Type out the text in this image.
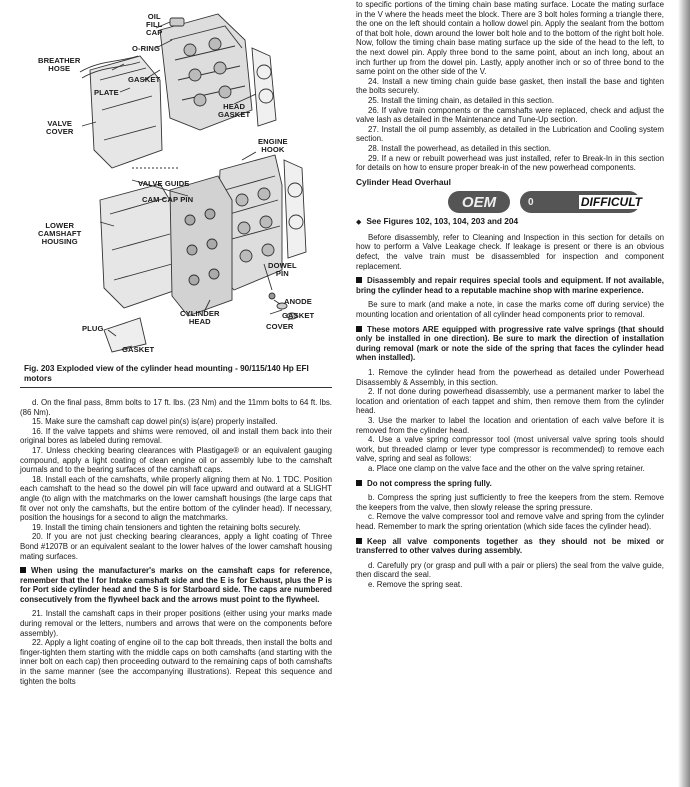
OIL
FILL
CAP
O-RING
BREATHER
HOSE
GASKET
PLATE
HEAD
GASKET
VALVE
COVER
ENGINE
HOOK
VALVE GUIDE
CAM CAP PIN
LOWER
CAMSHAFT
HOUSING
DOWEL
PIN
ANODE
GASKET
CYLINDER
HEAD
COVER
PLUG
GASKET
Fig. 203 Exploded view of the cylinder head mounting - 90/115/140 Hp EFI motors

d. On the final pass, 8mm bolts to 17 ft. lbs. (23 Nm) and the 11mm bolts to 64 ft. lbs. (86 Nm).

15. Make sure the camshaft cap dowel pin(s) is(are) properly installed.

16. If the valve tappets and shims were removed, oil and install them back into their original bores as labeled during removal.

17. Unless checking bearing clearances with Plastigage® or an equivalent gauging compound, apply a light coating of clean engine oil or assembly lube to the camshaft journals and to the bearing surfaces of the camshaft caps.

18. Install each of the camshafts, while properly aligning them at No. 1 TDC. Position each camshaft to the head so the dowel pin will face upward and outward at a SLIGHT angle (to align with the matchmarks on the lower camshaft housings (the large caps that fit over not only the camshafts, but the entire bottom of the cylinder head). If necessary, position the housings for a second to align the matchmarks.

19. Install the timing chain tensioners and tighten the retaining bolts securely.

20. If you are not just checking bearing clearances, apply a light coating of Three Bond #1207B or an equivalent sealant to the lower halves of the lower camshaft housing mating surfaces.

When using the manufacturer's marks on the camshaft caps for reference, remember that the I for Intake camshaft side and the E is for Exhaust, plus the P is for Port side cylinder head and the S is for Starboard side. The caps are numbered consecutively from the flywheel back and the arrows must point to the flywheel.

21. Install the camshaft caps in their proper positions (either using your marks made during removal or the letters, numbers and arrows that were on the components before assembly).

22. Apply a light coating of engine oil to the cap bolt threads, then install the bolts and finger-tighten them starting with the middle caps on both camshafts (and starting with the inner bolt on each cap) then proceeding outward to the remaining caps of both camshafts in the same manner (see the accompanying illustrations). Repeat this sequence and tighten the bolts

to specific portions of the timing chain base mating surface. Locate the mating surface in the V where the heads meet the block. There are 3 bolt holes forming a triangle there, the one on the left should contain a hollow dowel pin. Apply the sealant from the bottom of that bolt hole, down around the lower bolt hole and to the bottom of the right bolt hole. Now, follow the timing chain base mating surface up the side of the head to the left, to the next dowel pin. Apply three bond to the same point, about an inch long, about an inch further up from the dowel pin. Lastly, apply another inch or so of three bond to the same point on the other side of the V.

24. Install a new timing chain guide base gasket, then install the base and tighten the bolts securely.

25. Install the timing chain, as detailed in this section.

26. If valve train components or the camshafts were replaced, check and adjust the valve lash as detailed in the Maintenance and Tune-Up section.

27. Install the oil pump assembly, as detailed in the Lubrication and Cooling system section.

28. Install the powerhead, as detailed in this section.

29. If a new or rebuilt powerhead was just installed, refer to Break-In in this section for details on how to ensure proper break-in of the new powerhead components.

Cylinder Head Overhaul

OEM	0	DIFFICULT

◆ See Figures 102, 103, 104, 203 and 204

Before disassembly, refer to Cleaning and Inspection in this section for details on how to perform a Valve Leakage check. If leakage is present or there is an obvious defect, the valve train must be disassembled for inspection and component replacement.

Disassembly and repair requires special tools and equipment. If not available, bring the cylinder head to a reputable machine shop with marine experience.

Be sure to mark (and make a note, in case the marks come off during service) the mounting location and orientation of all cylinder head components prior to removal.

These motors ARE equipped with progressive rate valve springs (that should only be installed in one direction). Be sure to mark the direction of installation during removal (mark or note the side of the spring that faces the cylinder head when installed).

1. Remove the cylinder head from the powerhead as detailed under Powerhead Disassembly & Assembly, in this section.

2. If not done during powerhead disassembly, use a permanent marker to label the location and orientation of each tappet and shim, then remove them from the cylinder head.

3. Use the marker to label the location and orientation of each valve before it is removed from the cylinder head.

4. Use a valve spring compressor tool (most universal valve spring tools should work, but threaded clamp or lever type compressor is recommended) to remove each valve, spring and seal as follows:

a. Place one clamp on the valve face and the other on the valve spring retainer.

Do not compress the spring fully.

b. Compress the spring just sufficiently to free the keepers from the stem. Remove the keepers from the valve, then slowly release the spring pressure.

c. Remove the valve compressor tool and remove valve and spring from the cylinder head. Remember to mark the spring orientation (which side faces the cylinder head).

Keep all valve components together as they should not be mixed or transferred to other valves during assembly.

d. Carefully pry (or grasp and pull with a pair or pliers) the seal from the valve guide, then discard the seal.

e. Remove the spring seat.
